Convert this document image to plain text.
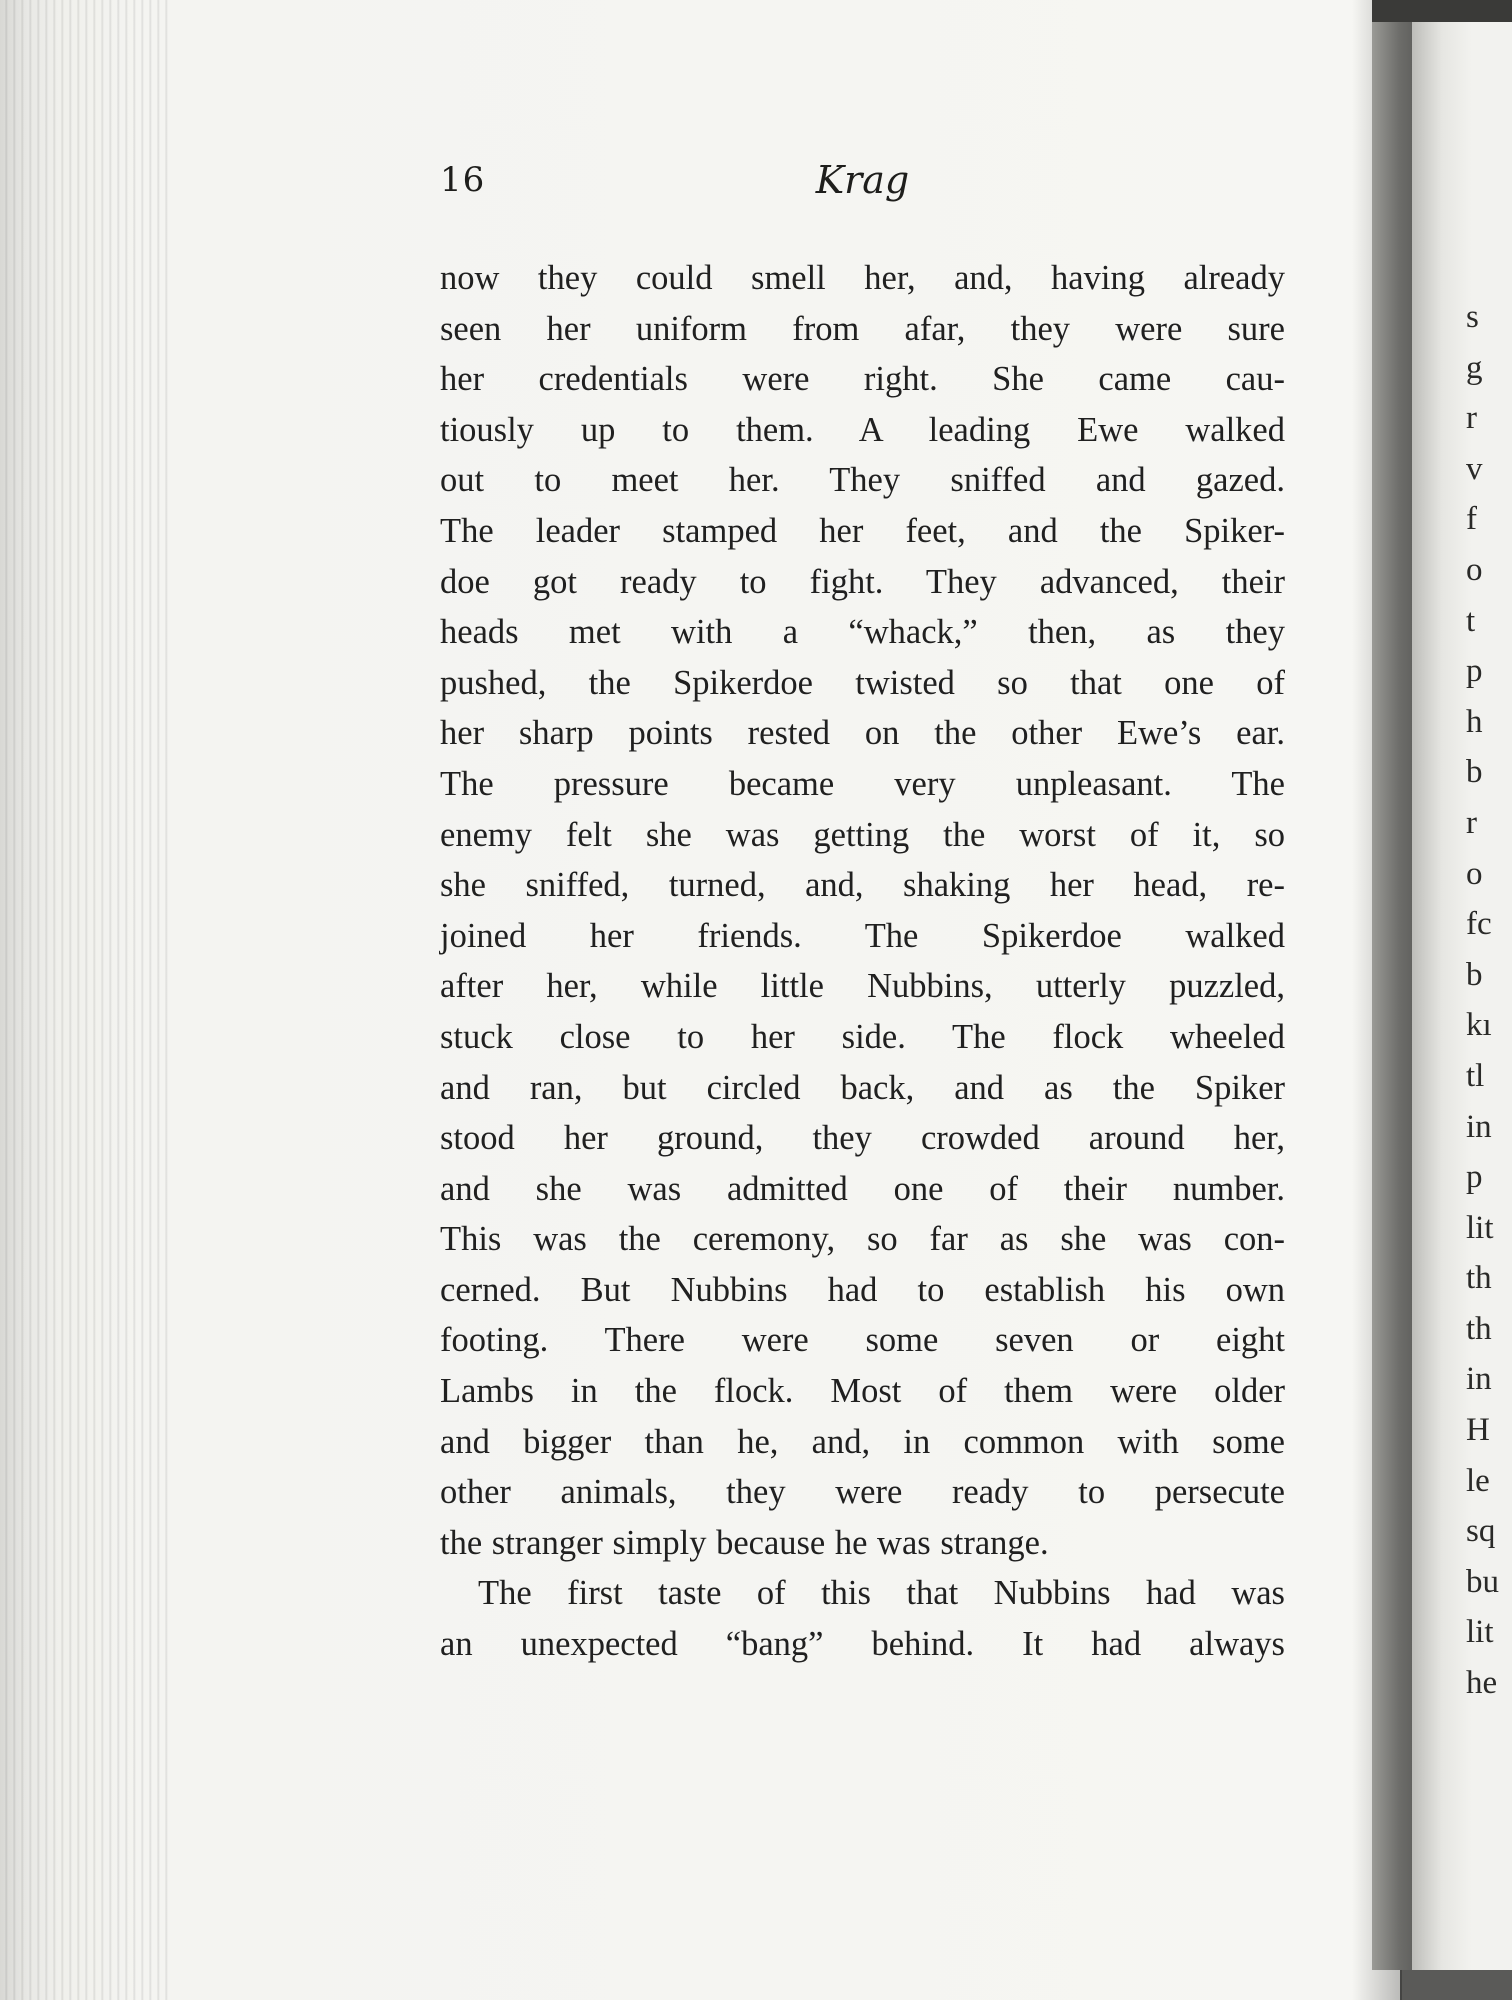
16	Krag
now they could smell her, and, having already
seen her uniform from afar, they were sure
her credentials were right. She came cau-
tiously up to them. A leading Ewe walked
out to meet her. They sniffed and gazed.
The leader stamped her feet, and the Spiker-
doe got ready to fight. They advanced, their
heads met with a “whack,” then, as they
pushed, the Spikerdoe twisted so that one of
her sharp points rested on the other Ewe’s ear.
The pressure became very unpleasant. The
enemy felt she was getting the worst of it, so
she sniffed, turned, and, shaking her head, re-
joined her friends. The Spikerdoe walked
after her, while little Nubbins, utterly puzzled,
stuck close to her side. The flock wheeled
and ran, but circled back, and as the Spiker
stood her ground, they crowded around her,
and she was admitted one of their number.
This was the ceremony, so far as she was con-
cerned. But Nubbins had to establish his own
footing. There were some seven or eight
Lambs in the flock. Most of them were older
and bigger than he, and, in common with some
other animals, they were ready to persecute
the stranger simply because he was strange.
The first taste of this that Nubbins had was
an unexpected “bang” behind. It had always
s
g
r
v
f
o
t
p
h
b
r
o
fc
b
kı
tl
in
p
lit
th
th
in
H
le
sq
bu
lit
he
